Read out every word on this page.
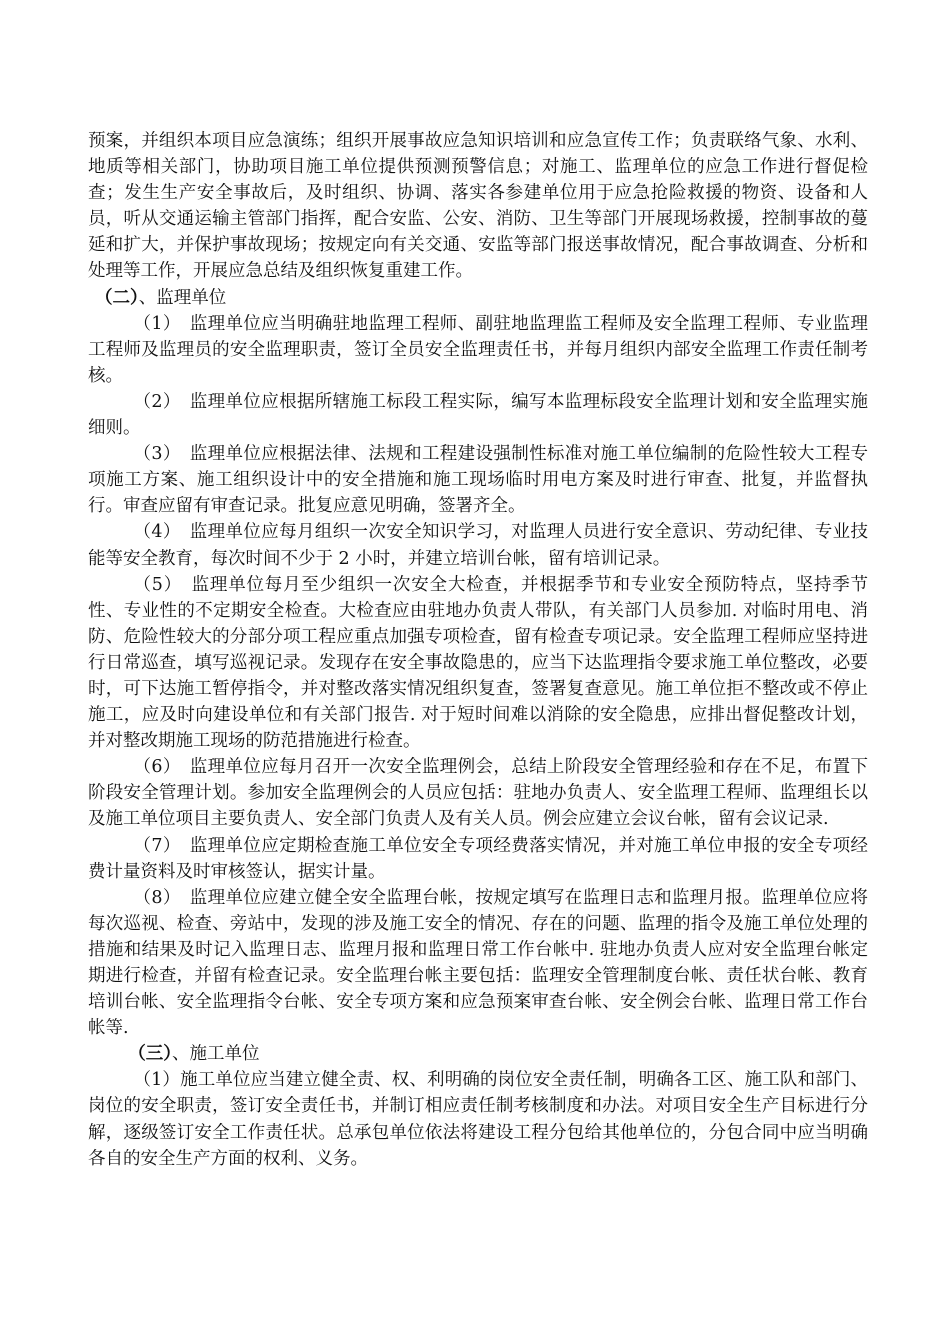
预案，并组织本项目应急演练；组织开展事故应急知识培训和应急宣传工作；负责联络气象、水利、地质等相关部门，协助项目施工单位提供预测预警信息；对施工、监理单位的应急工作进行督促检查；发生生产安全事故后，及时组织、协调、落实各参建单位用于应急抢险救援的物资、设备和人员，听从交通运输主管部门指挥，配合安监、公安、消防、卫生等部门开展现场救援，控制事故的蔓延和扩大，并保护事故现场；按规定向有关交通、安监等部门报送事故情况，配合事故调查、分析和处理等工作，开展应急总结及组织恢复重建工作。

（二）、监理单位

（1）　监理单位应当明确驻地监理工程师、副驻地监理监工程师及安全监理工程师、专业监理工程师及监理员的安全监理职责，签订全员安全监理责任书，并每月组织内部安全监理工作责任制考核。

（2）　监理单位应根据所辖施工标段工程实际，编写本监理标段安全监理计划和安全监理实施细则。

（3）　监理单位应根据法律、法规和工程建设强制性标准对施工单位编制的危险性较大工程专项施工方案、施工组织设计中的安全措施和施工现场临时用电方案及时进行审查、批复，并监督执行。审查应留有审查记录。批复应意见明确，签署齐全。

（4）　监理单位应每月组织一次安全知识学习，对监理人员进行安全意识、劳动纪律、专业技能等安全教育，每次时间不少于 2 小时，并建立培训台帐，留有培训记录。

（5）　监理单位每月至少组织一次安全大检查，并根据季节和专业安全预防特点，坚持季节性、专业性的不定期安全检查。大检查应由驻地办负责人带队，有关部门人员参加. 对临时用电、消防、危险性较大的分部分项工程应重点加强专项检查，留有检查专项记录。安全监理工程师应坚持进行日常巡查，填写巡视记录。发现存在安全事故隐患的，应当下达监理指令要求施工单位整改，必要时，可下达施工暂停指令，并对整改落实情况组织复查，签署复查意见。施工单位拒不整改或不停止施工，应及时向建设单位和有关部门报告. 对于短时间难以消除的安全隐患，应排出督促整改计划，并对整改期施工现场的防范措施进行检查。

（6）　监理单位应每月召开一次安全监理例会，总结上阶段安全管理经验和存在不足，布置下阶段安全管理计划。参加安全监理例会的人员应包括：驻地办负责人、安全监理工程师、监理组长以及施工单位项目主要负责人、安全部门负责人及有关人员。例会应建立会议台帐，留有会议记录.

（7）　监理单位应定期检查施工单位安全专项经费落实情况，并对施工单位申报的安全专项经费计量资料及时审核签认，据实计量。

（8）　监理单位应建立健全安全监理台帐，按规定填写在监理日志和监理月报。监理单位应将每次巡视、检查、旁站中，发现的涉及施工安全的情况、存在的问题、监理的指令及施工单位处理的措施和结果及时记入监理日志、监理月报和监理日常工作台帐中. 驻地办负责人应对安全监理台帐定期进行检查，并留有检查记录。安全监理台帐主要包括：监理安全管理制度台帐、责任状台帐、教育培训台帐、安全监理指令台帐、安全专项方案和应急预案审查台帐、安全例会台帐、监理日常工作台帐等.

（三）、施工单位

（1）施工单位应当建立健全责、权、利明确的岗位安全责任制，明确各工区、施工队和部门、岗位的安全职责，签订安全责任书，并制订相应责任制考核制度和办法。对项目安全生产目标进行分解，逐级签订安全工作责任状。总承包单位依法将建设工程分包给其他单位的，分包合同中应当明确各自的安全生产方面的权利、义务。
